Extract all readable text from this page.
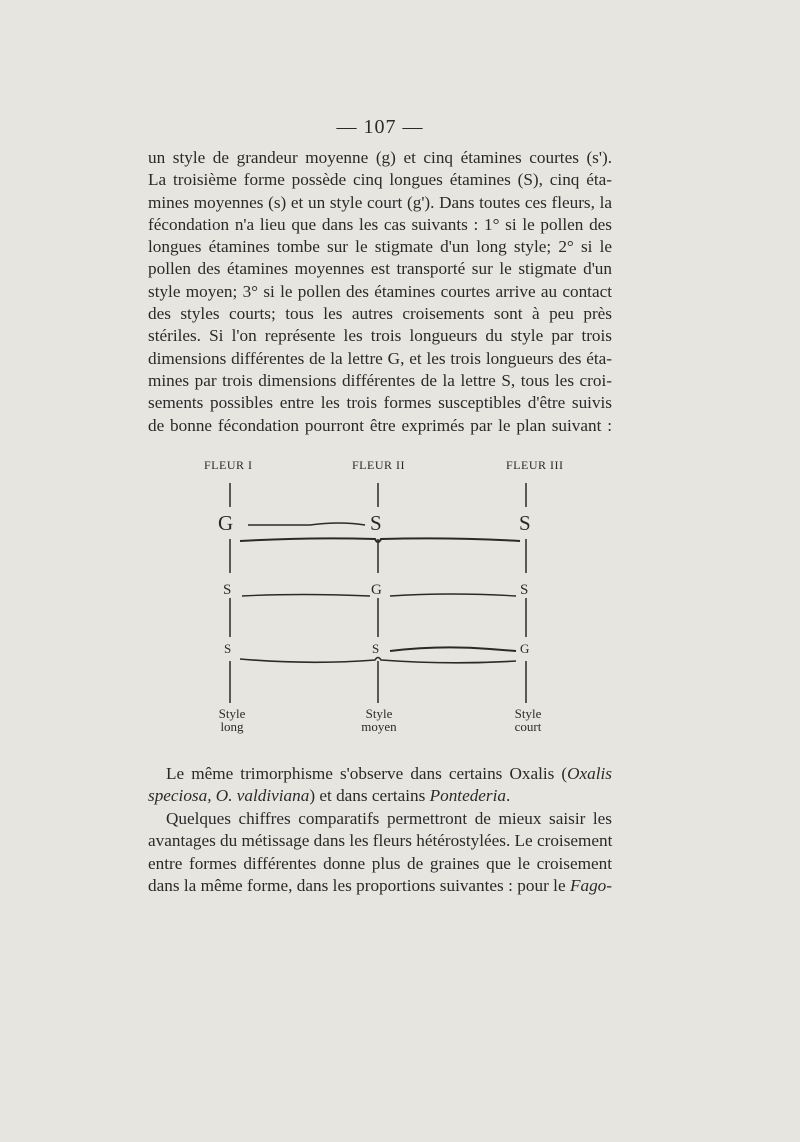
— 107 —

un style de grandeur moyenne (g) et cinq étamines courtes (s').
La troisième forme possède cinq longues étamines (S), cinq éta-
mines moyennes (s) et un style court (g'). Dans toutes ces fleurs, la
fécondation n'a lieu que dans les cas suivants : 1° si le pollen des
longues étamines tombe sur le stigmate d'un long style; 2° si le
pollen des étamines moyennes est transporté sur le stigmate d'un
style moyen; 3° si le pollen des étamines courtes arrive au contact
des styles courts; tous les autres croisements sont à peu près
stériles. Si l'on représente les trois longueurs du style par trois
dimensions différentes de la lettre G, et les trois longueurs des éta-
mines par trois dimensions différentes de la lettre S, tous les croi-
sements possibles entre les trois formes susceptibles d'être suivis
de bonne fécondation pourront être exprimés par le plan suivant :

FLEUR I	FLEUR II	FLEUR III
G
S
S
S
G
S
S
S
G
Style
long
Style
moyen
Style
court

Le même trimorphisme s'observe dans certains Oxalis (Oxalis
speciosa, O. valdiviana) et dans certains Pontederia.

Quelques chiffres comparatifs permettront de mieux saisir les
avantages du métissage dans les fleurs hétérostylées. Le croisement
entre formes différentes donne plus de graines que le croisement
dans la même forme, dans les proportions suivantes : pour le Fago-
